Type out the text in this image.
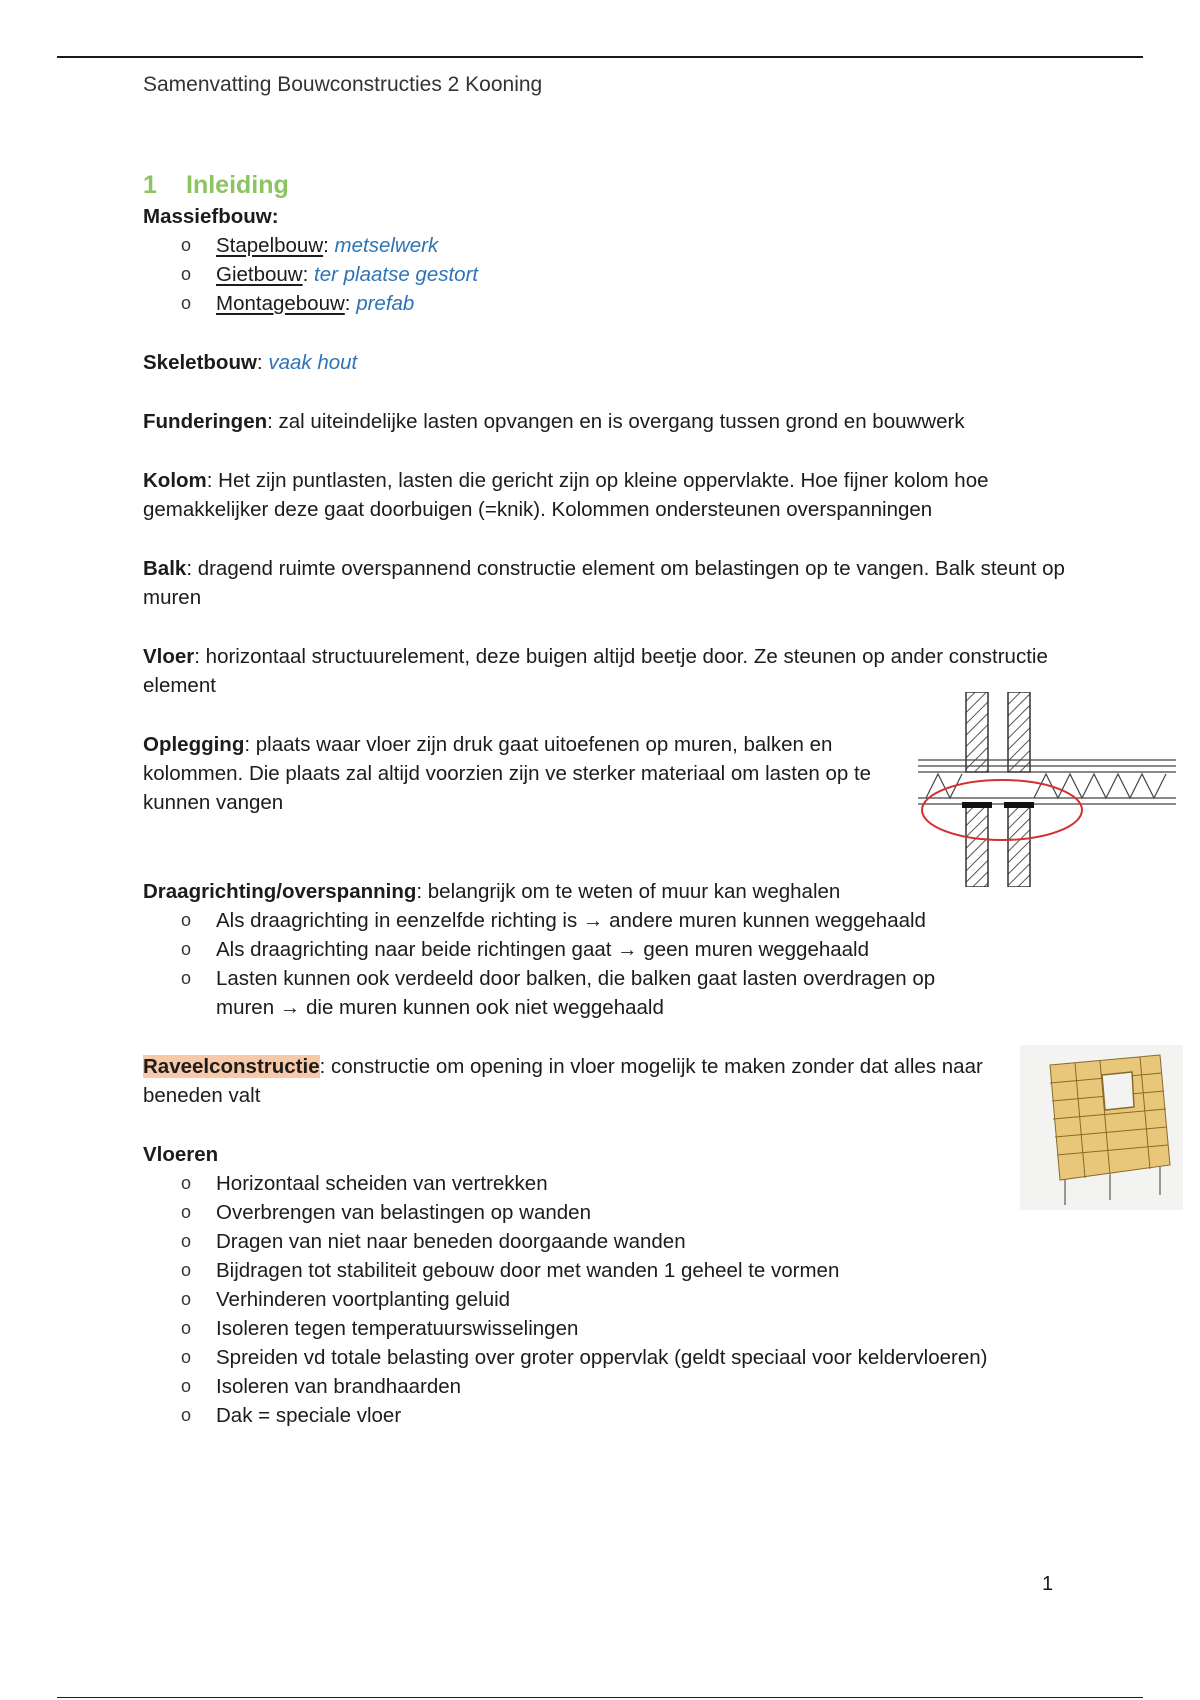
Samenvatting Bouwconstructies 2 Kooning
1 Inleiding

Massiefbouw:

o Stapelbouw: metselwerk
o Gietbouw: ter plaatse gestort
o Montagebouw: prefab

Skeletbouw: vaak hout

Funderingen: zal uiteindelijke lasten opvangen en is overgang tussen grond en bouwwerk

Kolom: Het zijn puntlasten, lasten die gericht zijn op kleine oppervlakte. Hoe fijner kolom hoe gemakkelijker deze gaat doorbuigen (=knik). Kolommen ondersteunen overspanningen

Balk: dragend ruimte overspannend constructie element om belastingen op te vangen. Balk steunt op muren

Vloer: horizontaal structuurelement, deze buigen altijd beetje door. Ze steunen op ander constructie element

Oplegging: plaats waar vloer zijn druk gaat uitoefenen op muren, balken en kolommen. Die plaats zal altijd voorzien zijn ve sterker materiaal om lasten op te kunnen vangen

Draagrichting/overspanning: belangrijk om te weten of muur kan weghalen

o Als draagrichting in eenzelfde richting is → andere muren kunnen weggehaald
o Als draagrichting naar beide richtingen gaat → geen muren weggehaald
o Lasten kunnen ook verdeeld door balken, die balken gaat lasten overdragen op muren → die muren kunnen ook niet weggehaald

Raveelconstructie: constructie om opening in vloer mogelijk te maken zonder dat alles naar beneden valt

Vloeren

o Horizontaal scheiden van vertrekken
o Overbrengen van belastingen op wanden
o Dragen van niet naar beneden doorgaande wanden
o Bijdragen tot stabiliteit gebouw door met wanden 1 geheel te vormen
o Verhinderen voortplanting geluid
o Isoleren tegen temperatuurswisselingen
o Spreiden vd totale belasting over groter oppervlak (geldt speciaal voor keldervloeren)
o Isoleren van brandhaarden
o Dak = speciale vloer
1
